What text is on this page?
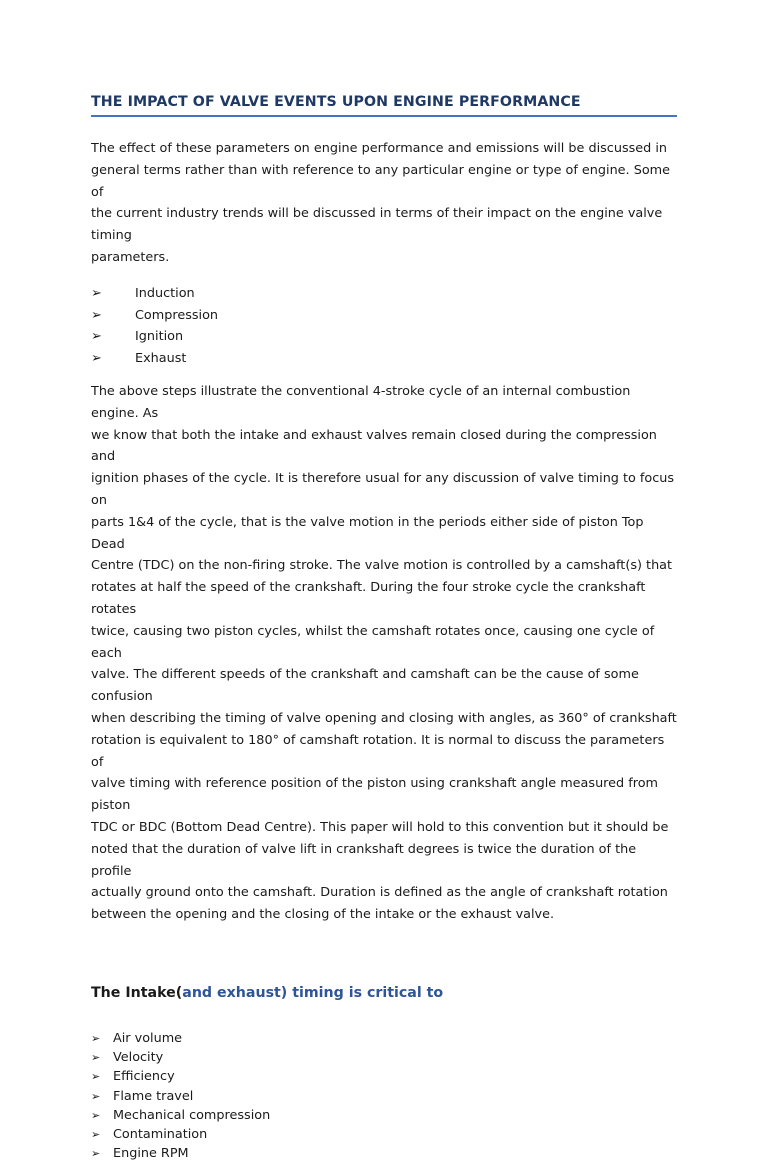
THE IMPACT OF VALVE EVENTS UPON ENGINE PERFORMANCE

The effect of these parameters on engine performance and emissions will be discussed in
general terms rather than with reference to any particular engine or type of engine. Some of
the current industry trends will be discussed in terms of their impact on the engine valve timing
parameters.

➢	Induction
➢	Compression
➢	Ignition
➢	Exhaust

The above steps illustrate the conventional 4-stroke cycle of an internal combustion engine. As
we know that both the intake and exhaust valves remain closed during the compression and
ignition phases of the cycle. It is therefore usual for any discussion of valve timing to focus on
parts 1&4 of the cycle, that is the valve motion in the periods either side of piston Top Dead
Centre (TDC) on the non-firing stroke. The valve motion is controlled by a camshaft(s) that
rotates at half the speed of the crankshaft. During the four stroke cycle the crankshaft rotates
twice, causing two piston cycles, whilst the camshaft rotates once, causing one cycle of each
valve. The different speeds of the crankshaft and camshaft can be the cause of some confusion
when describing the timing of valve opening and closing with angles, as 360° of crankshaft
rotation is equivalent to 180° of camshaft rotation. It is normal to discuss the parameters of
valve timing with reference position of the piston using crankshaft angle measured from piston
TDC or BDC (Bottom Dead Centre). This paper will hold to this convention but it should be
noted that the duration of valve lift in crankshaft degrees is twice the duration of the profile
actually ground onto the camshaft. Duration is defined as the angle of crankshaft rotation
between the opening and the closing of the intake or the exhaust valve.

The Intake(and exhaust) timing is critical to
➢ Air volume
➢ Velocity
➢ Efficiency
➢ Flame travel
➢ Mechanical compression
➢ Contamination
➢ Engine RPM
